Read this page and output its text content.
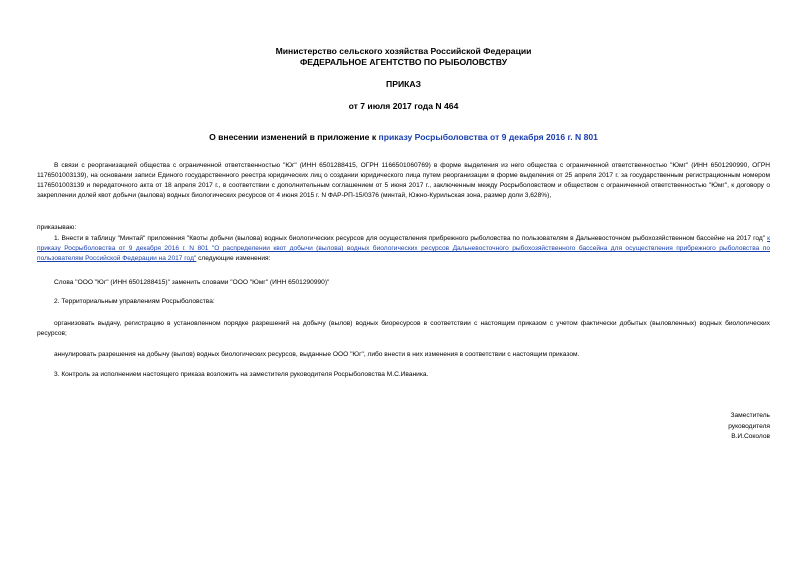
Министерство сельского хозяйства Российской Федерации
ФЕДЕРАЛЬНОЕ АГЕНТСТВО ПО РЫБОЛОВСТВУ
ПРИКАЗ
от 7 июля 2017 года N 464
О внесении изменений в приложение к приказу Росрыболовства от 9 декабря 2016 г. N 801
В связи с реорганизацией общества с ограниченной ответственностью "Юг" (ИНН 6501288415, ОГРН 1166501060769) в форме выделения из него общества с ограниченной ответственностью "Юмг" (ИНН 6501290990, ОГРН 1176501003139), на основании записи Единого государственного реестра юридических лиц о создании юридического лица путем реорганизации в форме выделения от 25 апреля 2017 г. за государственным регистрационным номером 1176501003139 и передаточного акта от 18 апреля 2017 г., в соответствии с дополнительным соглашением от 5 июня 2017 г., заключенным между Росрыболовством и обществом с ограниченной ответственностью "Юмг", к договору о закреплении долей квот добычи (вылова) водных биологических ресурсов от 4 июня 2015 г. N ФАР-РП-15/0376 (минтай, Южно-Курильская зона, размер доли 3,628%),
приказываю:
1. Внести в таблицу "Минтай" приложения "Квоты добычи (вылова) водных биологических ресурсов для осуществления прибрежного рыболовства по пользователям в Дальневосточном рыбохозяйственном бассейне на 2017 год" к приказу Росрыболовства от 9 декабря 2016 г. N 801 "О распределении квот добычи (вылова) водных биологических ресурсов Дальневосточного рыбохозяйственного бассейна для осуществления прибрежного рыболовства по пользователям Российской Федерации на 2017 год" следующие изменения:
Слова "ООО "Юг" (ИНН 6501288415)" заменить словами "ООО "Юмг" (ИНН 6501290990)"
2. Территориальным управлениям Росрыболовства:
организовать выдачу, регистрацию в установленном порядке разрешений на добычу (вылов) водных биоресурсов в соответствии с настоящим приказом с учетом фактически добытых (выловленных) водных биологических ресурсов;
аннулировать разрешения на добычу (вылов) водных биологических ресурсов, выданные ООО "Юг", либо внести в них изменения в соответствии с настоящим приказом.
3. Контроль за исполнением настоящего приказа возложить на заместителя руководителя Росрыболовства М.С.Иваника.
Заместитель
руководителя
В.И.Соколов
